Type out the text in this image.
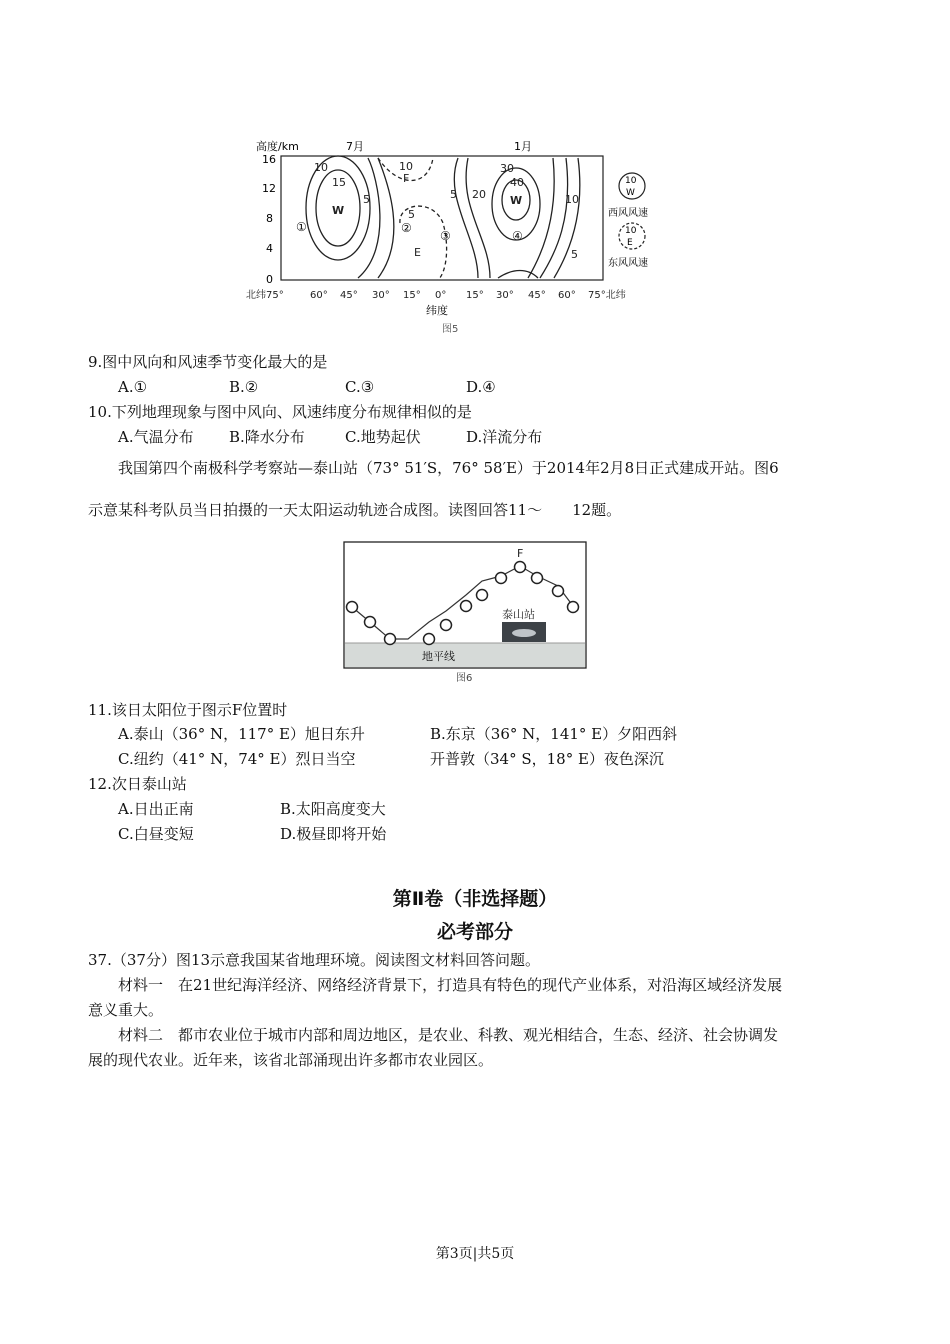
高度/km	7月	1月
16
12
8
4
0
10
15
W
5
10
F
5
E
5 20
30
40
W	10
5
①	②
③	④
北纬75°	60° 45° 30° 15° 0° 15° 30° 45° 60° 75°北纬
纬度
图5
10
W
西风风速
10
E
东风风速
9.图中风向和风速季节变化最大的是
A.①	B.②	C.③	D.④
10.下列地理现象与图中风向、风速纬度分布规律相似的是
A.气温分布 B.降水分布	C.地势起伏	D.洋流分布
我国第四个南极科学考察站—泰山站（73° 51′S，76° 58′E）于2014年2月8日正式建成开站。图6
示意某科考队员当日拍摄的一天太阳运动轨迹合成图。读图回答11～　　12题。
F
泰山站
地平线
图6
11.该日太阳位于图示F位置时
A.泰山（36° N，117° E）旭日东升	B.东京（36° N，141° E）夕阳西斜
C.纽约（41° N，74° E）烈日当空	开普敦（34° S，18° E）夜色深沉
12.次日泰山站
A.日出正南	B.太阳高度变大
C.白昼变短	D.极昼即将开始
第Ⅱ卷（非选择题）
必考部分
37.（37分）图13示意我国某省地理环境。阅读图文材料回答问题。
材料一　在21世纪海洋经济、网络经济背景下，打造具有特色的现代产业体系，对沿海区域经济发展
意义重大。
材料二　都市农业位于城市内部和周边地区，是农业、科教、观光相结合，生态、经济、社会协调发
展的现代农业。近年来，该省北部涌现出许多都市农业园区。
第3页|共5页
